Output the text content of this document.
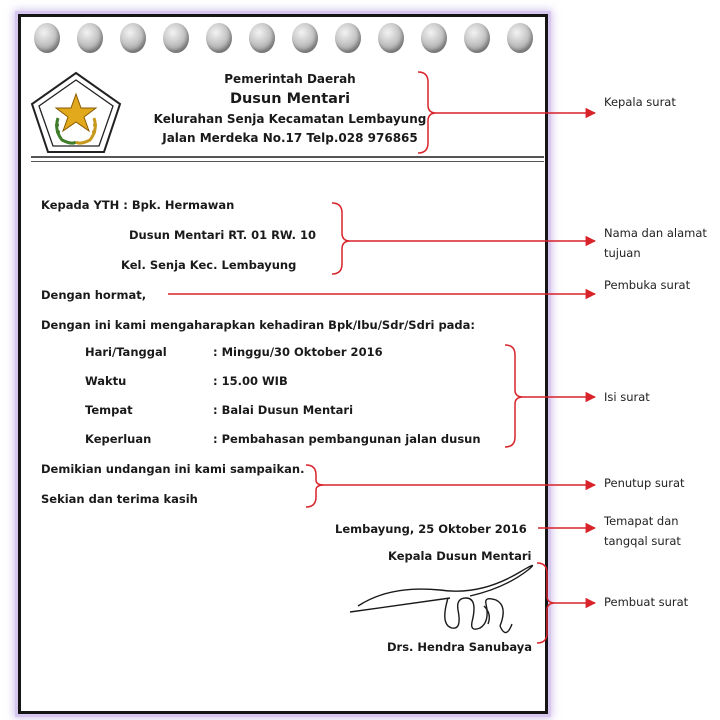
Pemerintah Daerah

Dusun Mentari

Kelurahan Senja Kecamatan Lembayung

Jalan Merdeka No.17 Telp.028 976865

Kepada YTH : Bpk. Hermawan

Dusun Mentari RT. 01 RW. 10

Kel. Senja Kec. Lembayung

Dengan hormat,

Dengan ini kami mengaharapkan kehadiran Bpk/Ibu/Sdr/Sdri pada:

Hari/Tanggal	: Minggu/30 Oktober 2016

Waktu	: 15.00 WIB

Tempat	: Balai Dusun Mentari

Keperluan	: Pembahasan pembangunan jalan dusun

Demikian undangan ini kami sampaikan.

Sekian dan terima kasih

Lembayung, 25 Oktober 2016

Kepala Dusun Mentari

Drs. Hendra Sanubaya

Kepala surat

Nama dan alamat tujuan

Pembuka surat

Isi surat

Penutup surat

Temapat dan tangqal surat

Pembuat surat
